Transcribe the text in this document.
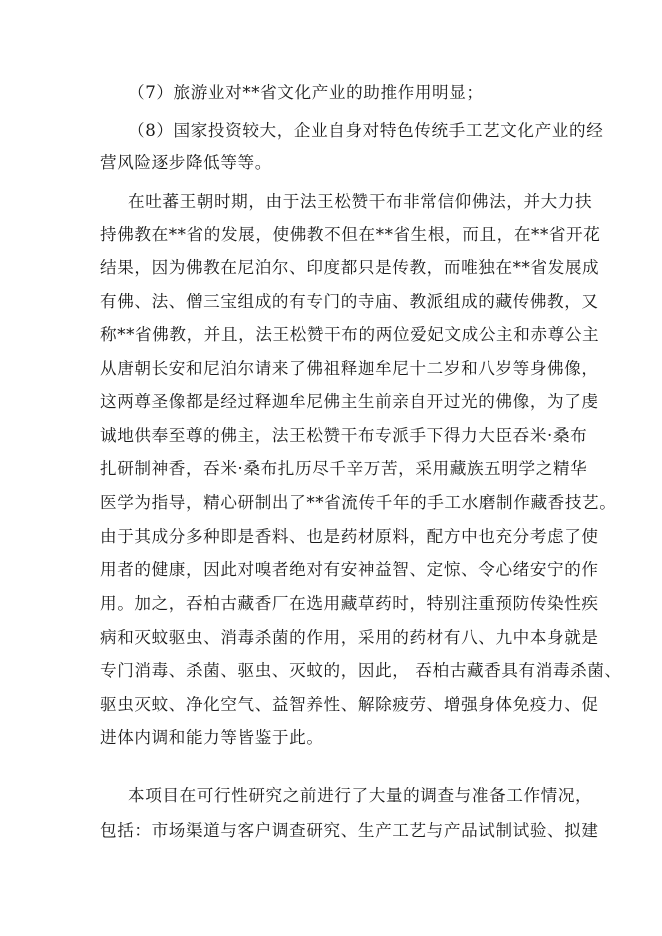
（7）旅游业对**省文化产业的助推作用明显；

（8）国家投资较大，企业自身对特色传统手工艺文化产业的经

营风险逐步降低等等。

在吐蕃王朝时期，由于法王松赞干布非常信仰佛法，并大力扶

持佛教在**省的发展，使佛教不但在**省生根，而且，在**省开花

结果，因为佛教在尼泊尔、印度都只是传教，而唯独在**省发展成

有佛、法、僧三宝组成的有专门的寺庙、教派组成的藏传佛教，又

称**省佛教，并且，法王松赞干布的两位爱妃文成公主和赤尊公主

从唐朝长安和尼泊尔请来了佛祖释迦牟尼十二岁和八岁等身佛像，

这两尊圣像都是经过释迦牟尼佛主生前亲自开过光的佛像，为了虔

诚地供奉至尊的佛主，法王松赞干布专派手下得力大臣吞米·桑布

扎研制神香，吞米·桑布扎历尽千辛万苦，采用藏族五明学之精华

医学为指导，精心研制出了**省流传千年的手工水磨制作藏香技艺。

由于其成分多种即是香料、也是药材原料，配方中也充分考虑了使

用者的健康，因此对嗅者绝对有安神益智、定惊、令心绪安宁的作

用。加之，吞柏古藏香厂在选用藏草药时，特别注重预防传染性疾

病和灭蚊驱虫、消毒杀菌的作用，采用的药材有八、九中本身就是

专门消毒、杀菌、驱虫、灭蚊的，因此， 吞柏古藏香具有消毒杀菌、

驱虫灭蚊、净化空气、益智养性、解除疲劳、增强身体免疫力、促

进体内调和能力等皆鉴于此。

本项目在可行性研究之前进行了大量的调查与准备工作情况，

包括：市场渠道与客户调查研究、生产工艺与产品试制试验、拟建
